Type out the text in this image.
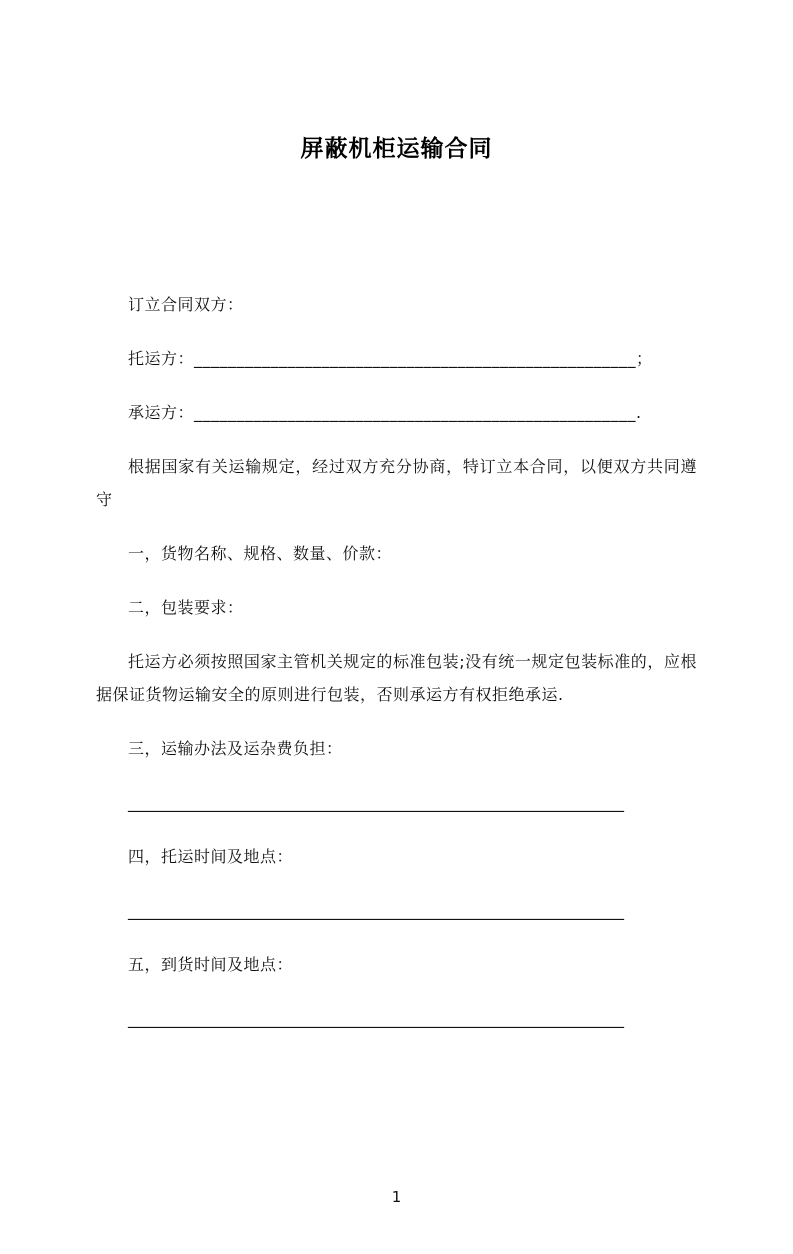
屏蔽机柜运输合同

订立合同双方：

托运方：____________________________________________________；

承运方：____________________________________________________.

根据国家有关运输规定，经过双方充分协商，特订立本合同，以便双方共同遵守

一，货物名称、规格、数量、价款：

二，包装要求：

托运方必须按照国家主管机关规定的标准包装;没有统一规定包装标准的，应根据保证货物运输安全的原则进行包装，否则承运方有权拒绝承运.

三，运输办法及运杂费负担：

______________________________________________________________

四，托运时间及地点：

______________________________________________________________

五，到货时间及地点：

______________________________________________________________

1
